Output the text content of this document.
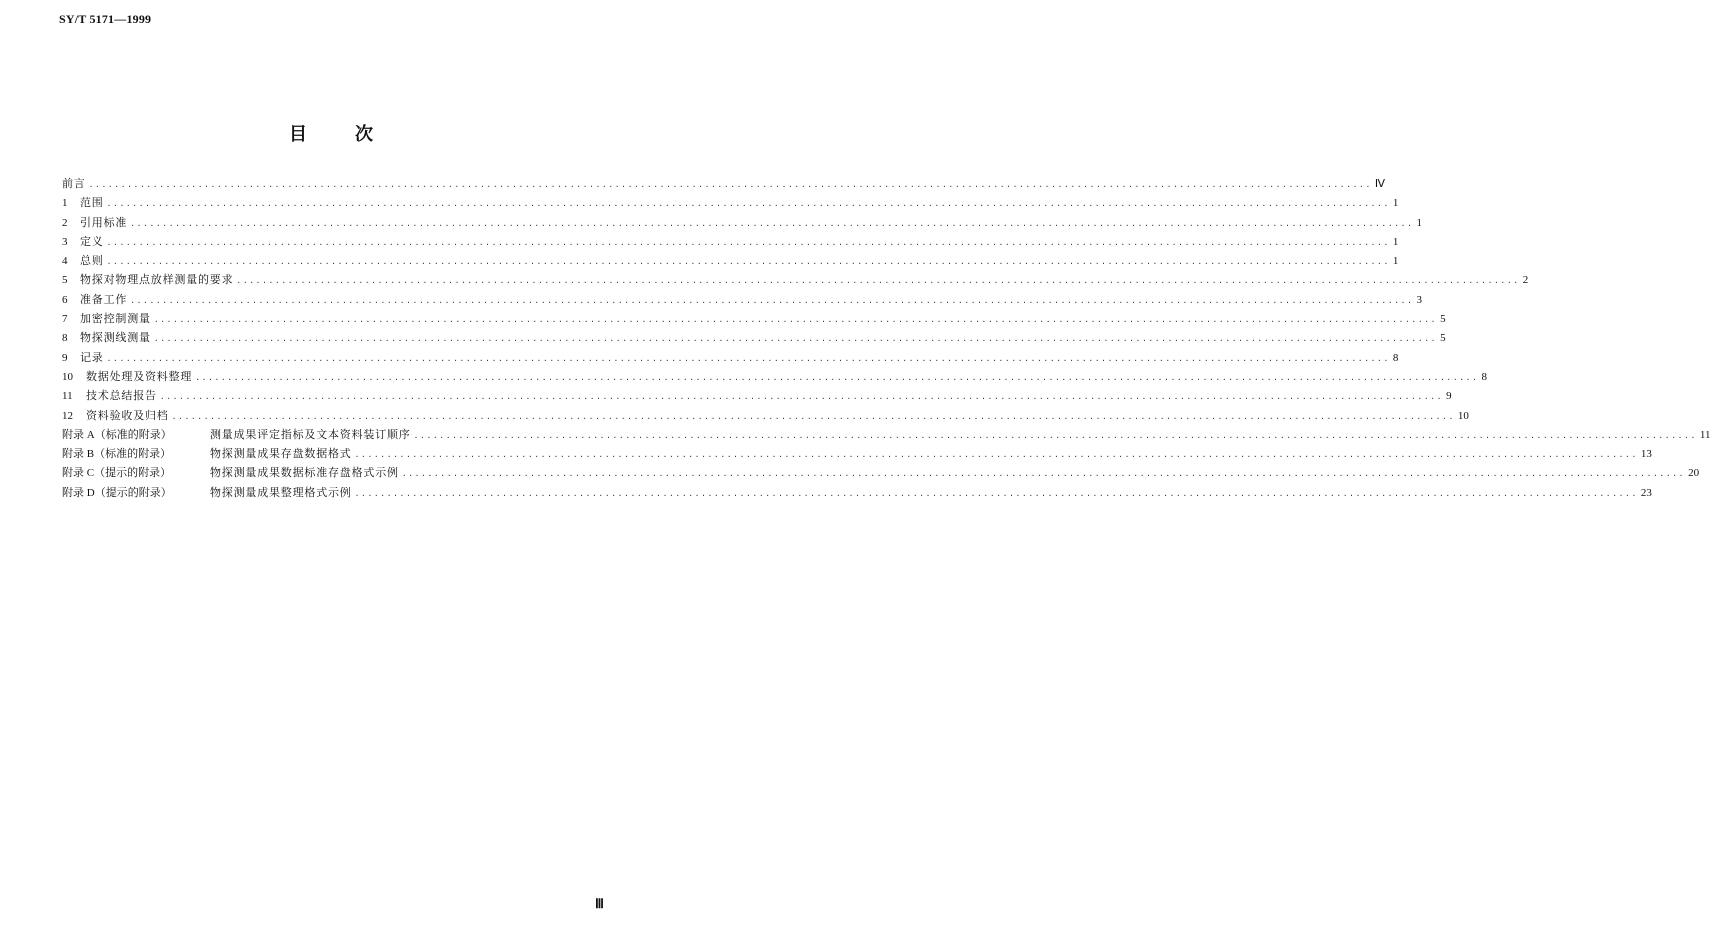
SY/T 5171—1999
目	次
前言 ........................................................................................................................................................................................................ Ⅳ
1	范围 ........................................................................................................................................................................................................ 1
2	引用标准 ........................................................................................................................................................................................................ 1
3	定义 ........................................................................................................................................................................................................ 1
4	总则 ........................................................................................................................................................................................................ 1
5	物探对物理点放样测量的要求 ........................................................................................................................................................................................................ 2
6	准备工作 ........................................................................................................................................................................................................ 3
7	加密控制测量 ........................................................................................................................................................................................................ 5
8	物探测线测量 ........................................................................................................................................................................................................ 5
9	记录 ........................................................................................................................................................................................................ 8
10	数据处理及资料整理 ........................................................................................................................................................................................................ 8
11	技术总结报告 ........................................................................................................................................................................................................ 9
12	资料验收及归档 ........................................................................................................................................................................................................ 10
附录 A（标准的附录）	测量成果评定指标及文本资料装订顺序 ........................................................................................................................................................................................................ 11
附录 B（标准的附录）	物探测量成果存盘数据格式 ........................................................................................................................................................................................................ 13
附录 C（提示的附录）	物探测量成果数据标准存盘格式示例 ........................................................................................................................................................................................................ 20
附录 D（提示的附录）	物探测量成果整理格式示例 ........................................................................................................................................................................................................ 23
Ⅲ
